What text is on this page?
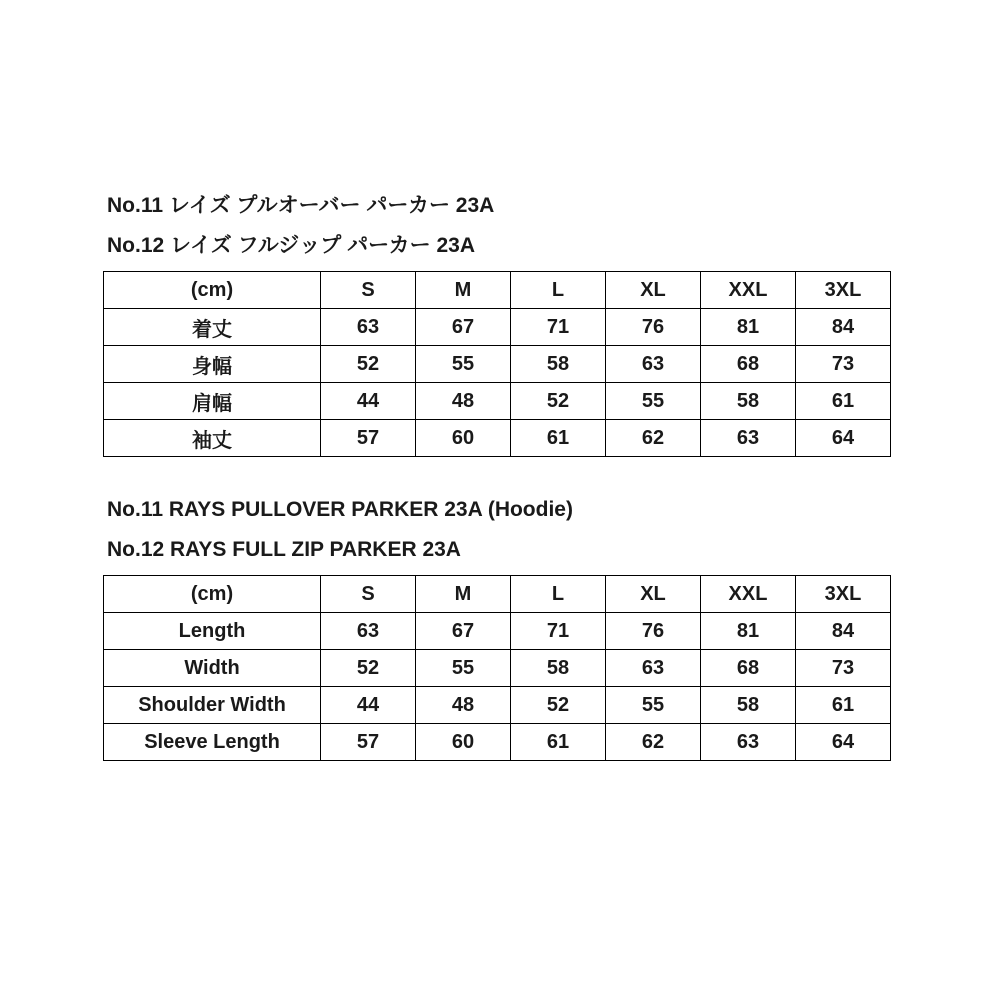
No.11 レイズ プルオーバー パーカー 23A
No.12 レイズ フルジップ パーカー 23A
(cm)	S	M	L	XL	XXL	3XL
着丈	63	67	71	76	81	84
身幅	52	55	58	63	68	73
肩幅	44	48	52	55	58	61
袖丈	57	60	61	62	63	64
No.11 RAYS PULLOVER PARKER 23A (Hoodie)
No.12 RAYS FULL ZIP PARKER 23A
(cm)	S	M	L	XL	XXL	3XL
Length	63	67	71	76	81	84
Width	52	55	58	63	68	73
Shoulder Width	44	48	52	55	58	61
Sleeve Length	57	60	61	62	63	64
